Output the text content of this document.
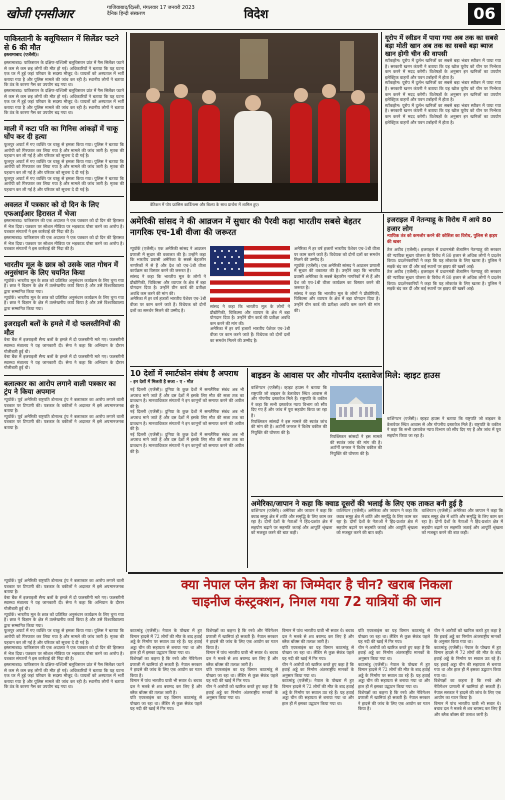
खोजी एनसीआर	गाजियाबाद/दिल्ली, मंगलवार 17 जनवरी 2023
दैनिक हिन्दी संस्करण	विदेश	06
पाकिस्तानी के बलूचिस्तान में सिलेंडर फटने से 6 की मौत

इस्लामाबाद (एजेंसी)।

इस्लामाबाद। पाकिस्तान के दक्षिण-पश्चिमी बलूचिस्तान प्रांत में गैस सिलेंडर फटने से कम से कम छह लोगों की मौत हो गई। अधिकारियों ने बताया कि यह घटना एक घर में हुई जहां परिवार के सदस्य मौजूद थे। घायलों को अस्पताल में भर्ती कराया गया है और पुलिस मामले की जांच कर रही है। स्थानीय लोगों ने बताया कि ठंड के कारण गैस का उपयोग बढ़ गया था।

इस्लामाबाद। पाकिस्तान के दक्षिण-पश्चिमी बलूचिस्तान प्रांत में गैस सिलेंडर फटने से कम से कम छह लोगों की मौत हो गई। अधिकारियों ने बताया कि यह घटना एक घर में हुई जहां परिवार के सदस्य मौजूद थे। घायलों को अस्पताल में भर्ती कराया गया है और पुलिस मामले की जांच कर रही है। स्थानीय लोगों ने बताया कि ठंड के कारण गैस का उपयोग बढ़ गया था।

माली में कटा पति का गिनिस आंकड़ों में चाकू घोंप कर दी हत्या

फूलपुर अपार्ट में गए व्यक्ति पर चाकू से हमला किया गया। पुलिस ने बताया कि आरोपी को गिरफ्तार कर लिया गया है और मामले की जांच जारी है। मृतक की पहचान कर ली गई है और परिवार को सूचना दे दी गई है।

फूलपुर अपार्ट में गए व्यक्ति पर चाकू से हमला किया गया। पुलिस ने बताया कि आरोपी को गिरफ्तार कर लिया गया है और मामले की जांच जारी है। मृतक की पहचान कर ली गई है और परिवार को सूचना दे दी गई है।

फूलपुर अपार्ट में गए व्यक्ति पर चाकू से हमला किया गया। पुलिस ने बताया कि आरोपी को गिरफ्तार कर लिया गया है और मामले की जांच जारी है। मृतक की पहचान कर ली गई है और परिवार को सूचना दे दी गई है।

अवलत में पत्रकार को दो दिन के लिए एफआईआर हिरासत में भेजा

इस्लामाबाद। पाकिस्तान की एक अदालत ने एक पत्रकार को दो दिन की हिरासत में भेज दिया। पत्रकार पर सोशल मीडिया पर भड़काऊ पोस्ट करने का आरोप है। पत्रकार संगठनों ने इस कार्रवाई की निंदा की है।

इस्लामाबाद। पाकिस्तान की एक अदालत ने एक पत्रकार को दो दिन की हिरासत में भेज दिया। पत्रकार पर सोशल मीडिया पर भड़काऊ पोस्ट करने का आरोप है। पत्रकार संगठनों ने इस कार्रवाई की निंदा की है।

भारतीय मूल के छात्र को उसके जात गोधन में अनुसंधान के लिए चयनित किया

न्यूयॉर्क। भारतीय मूल के छात्र को प्रतिष्ठित अनुसंधान कार्यक्रम के लिए चुना गया है। छात्र ने विज्ञान के क्षेत्र में उल्लेखनीय कार्य किया है और उसे विश्वविद्यालय द्वारा सम्मानित किया गया।

न्यूयॉर्क। भारतीय मूल के छात्र को प्रतिष्ठित अनुसंधान कार्यक्रम के लिए चुना गया है। छात्र ने विज्ञान के क्षेत्र में उल्लेखनीय कार्य किया है और उसे विश्वविद्यालय द्वारा सम्मानित किया गया।

इजराइली बलों के हमले में दो फलस्तीनियों की मौत

वेस्ट बैंक में इजराइली सैन्य बलों के हमले में दो फलस्तीनी मारे गए। फलस्तीनी स्वास्थ्य मंत्रालय ने यह जानकारी दी। सेना ने कहा कि अभियान के दौरान गोलीबारी हुई थी।

वेस्ट बैंक में इजराइली सैन्य बलों के हमले में दो फलस्तीनी मारे गए। फलस्तीनी स्वास्थ्य मंत्रालय ने यह जानकारी दी। सेना ने कहा कि अभियान के दौरान गोलीबारी हुई थी।

बलात्कार का आरोप लगाने वाली पत्रकार का ट्रंप ने किया अपमान

न्यूयॉर्क। पूर्व अमेरिकी राष्ट्रपति डोनाल्ड ट्रंप ने बलात्कार का आरोप लगाने वाली पत्रकार पर टिप्पणी की। पत्रकार के वकीलों ने अदालत में इसे अपमानजनक बताया है।

न्यूयॉर्क। पूर्व अमेरिकी राष्ट्रपति डोनाल्ड ट्रंप ने बलात्कार का आरोप लगाने वाली पत्रकार पर टिप्पणी की। पत्रकार के वकीलों ने अदालत में इसे अपमानजनक बताया है।

वेटिकन में पोप फ्रांसिस कार्डिनल्स और बिशप के साथ प्रार्थना में शामिल हुए।
यूरोप में स्वीडन में पाया गया अब तक का सबसे बड़ा मोती खान अब तक का सबसे बड़ा ब्याज खान होगी चीन की वापसी

स्टॉकहोम। यूरोप में दुर्लभ खनिजों का सबसे बड़ा भंडार स्वीडन में पाया गया है। सरकारी खनन कंपनी ने बताया कि यह खोज यूरोप को चीन पर निर्भरता कम करने में मदद करेगी। विशेषज्ञों के अनुसार इन खनिजों का उपयोग इलेक्ट्रिक वाहनों और पवन टर्बाइनों में होता है।

स्टॉकहोम। यूरोप में दुर्लभ खनिजों का सबसे बड़ा भंडार स्वीडन में पाया गया है। सरकारी खनन कंपनी ने बताया कि यह खोज यूरोप को चीन पर निर्भरता कम करने में मदद करेगी। विशेषज्ञों के अनुसार इन खनिजों का उपयोग इलेक्ट्रिक वाहनों और पवन टर्बाइनों में होता है।

स्टॉकहोम। यूरोप में दुर्लभ खनिजों का सबसे बड़ा भंडार स्वीडन में पाया गया है। सरकारी खनन कंपनी ने बताया कि यह खोज यूरोप को चीन पर निर्भरता कम करने में मदद करेगी। विशेषज्ञों के अनुसार इन खनिजों का उपयोग इलेक्ट्रिक वाहनों और पवन टर्बाइनों में होता है।

अमेरिकी सांसद ने की आव्रजन में सुधार की पैरवी कहा भारतीय सबसे बेहतर नागरिक एच-1बी वीजा की जरूरत

न्यूयॉर्क (एजेंसी)। एक अमेरिकी सांसद ने आव्रजन प्रणाली में सुधार की वकालत की है। उन्होंने कहा कि भारतीय प्रवासी अमेरिका के सबसे बेहतरीन नागरिकों में से हैं और देश को एच-1बी वीजा कार्यक्रम का विस्तार करने की जरूरत है।

सांसद ने कहा कि भारतीय मूल के लोगों ने प्रौद्योगिकी, चिकित्सा और व्यापार के क्षेत्र में बड़ा योगदान दिया है। उन्होंने ग्रीन कार्ड की प्रतीक्षा अवधि कम करने की मांग की।

अमेरिका में हर वर्ष हजारों भारतीय पेशेवर एच-1बी वीजा पर काम करने जाते हैं। विधेयक को दोनों दलों का समर्थन मिलने की उम्मीद है।

सांसद ने कहा कि भारतीय मूल के लोगों ने प्रौद्योगिकी, चिकित्सा और व्यापार के क्षेत्र में बड़ा योगदान दिया है। उन्होंने ग्रीन कार्ड की प्रतीक्षा अवधि कम करने की मांग की।

अमेरिका में हर वर्ष हजारों भारतीय पेशेवर एच-1बी वीजा पर काम करने जाते हैं। विधेयक को दोनों दलों का समर्थन मिलने की उम्मीद है।

अमेरिका में हर वर्ष हजारों भारतीय पेशेवर एच-1बी वीजा पर काम करने जाते हैं। विधेयक को दोनों दलों का समर्थन मिलने की उम्मीद है।

न्यूयॉर्क (एजेंसी)। एक अमेरिकी सांसद ने आव्रजन प्रणाली में सुधार की वकालत की है। उन्होंने कहा कि भारतीय प्रवासी अमेरिका के सबसे बेहतरीन नागरिकों में से हैं और देश को एच-1बी वीजा कार्यक्रम का विस्तार करने की जरूरत है।

सांसद ने कहा कि भारतीय मूल के लोगों ने प्रौद्योगिकी, चिकित्सा और व्यापार के क्षेत्र में बड़ा योगदान दिया है। उन्होंने ग्रीन कार्ड की प्रतीक्षा अवधि कम करने की मांग की।

इजराइल में नेतन्याहू के विरोध में आये 80 हजार लोग

न्यायिक तंत्र को कमजोर करने की कोशिश का विरोध, पुलिस से झड़प की खबर

तेल अवीव (एजेंसी)। इजराइल में प्रधानमंत्री बेंजामिन नेतन्याहू की सरकार की न्यायिक सुधार योजना के विरोध में 80 हजार से अधिक लोगों ने प्रदर्शन किया। प्रदर्शनकारियों ने कहा कि यह लोकतंत्र के लिए खतरा है। पुलिस ने सड़कें बंद कर दीं और कई स्थानों पर झड़प की खबरें आईं।

तेल अवीव (एजेंसी)। इजराइल में प्रधानमंत्री बेंजामिन नेतन्याहू की सरकार की न्यायिक सुधार योजना के विरोध में 80 हजार से अधिक लोगों ने प्रदर्शन किया। प्रदर्शनकारियों ने कहा कि यह लोकतंत्र के लिए खतरा है। पुलिस ने सड़कें बंद कर दीं और कई स्थानों पर झड़प की खबरें आईं।

10 देशों में स्मार्टफोन संबंध है अपराध

- इन देशों में मिलती है सजा - ए - मौत

नई दिल्ली (एजेंसी)। दुनिया के कुछ देशों में समलैंगिक संबंध अब भी अपराध माने जाते हैं और दस देशों में इसके लिए मौत की सजा तक का प्रावधान है। मानवाधिकार संगठनों ने इन कानूनों को समाप्त करने की अपील की है।

नई दिल्ली (एजेंसी)। दुनिया के कुछ देशों में समलैंगिक संबंध अब भी अपराध माने जाते हैं और दस देशों में इसके लिए मौत की सजा तक का प्रावधान है। मानवाधिकार संगठनों ने इन कानूनों को समाप्त करने की अपील की है।

नई दिल्ली (एजेंसी)। दुनिया के कुछ देशों में समलैंगिक संबंध अब भी अपराध माने जाते हैं और दस देशों में इसके लिए मौत की सजा तक का प्रावधान है। मानवाधिकार संगठनों ने इन कानूनों को समाप्त करने की अपील की है।

बाइडन के आवास पर और गोपनीय दस्तावेज मिले: व्हाइट हाउस

वाशिंगटन (एजेंसी)। व्हाइट हाउस ने बताया कि राष्ट्रपति जो बाइडन के डेलावेयर स्थित आवास से और गोपनीय दस्तावेज मिले हैं। राष्ट्रपति के वकील ने कहा कि सभी दस्तावेज न्याय विभाग को सौंप दिए गए हैं और जांच में पूरा सहयोग किया जा रहा है।

रिपब्लिकन सांसदों ने इस मामले की स्वतंत्र जांच की मांग की है। अटॉर्नी जनरल ने विशेष वकील की नियुक्ति की घोषणा की है।

रिपब्लिकन सांसदों ने इस मामले की स्वतंत्र जांच की मांग की है। अटॉर्नी जनरल ने विशेष वकील की नियुक्ति की घोषणा की है।

वाशिंगटन (एजेंसी)। व्हाइट हाउस ने बताया कि राष्ट्रपति जो बाइडन के डेलावेयर स्थित आवास से और गोपनीय दस्तावेज मिले हैं। राष्ट्रपति के वकील ने कहा कि सभी दस्तावेज न्याय विभाग को सौंप दिए गए हैं और जांच में पूरा सहयोग किया जा रहा है।

अमेरिका/जापान ने कहा कि क्वाड दूसरों की भलाई के लिए एक ताकत बनी हुई है

वाशिंगटन (एजेंसी)। अमेरिका और जापान ने कहा कि क्वाड समूह क्षेत्र में शांति और समृद्धि के लिए काम कर रहा है। दोनों देशों के नेताओं ने हिंद-प्रशांत क्षेत्र में सहयोग बढ़ाने पर सहमति जताई और आपूर्ति श्रृंखला को मजबूत करने की बात कही।

वाशिंगटन (एजेंसी)। अमेरिका और जापान ने कहा कि क्वाड समूह क्षेत्र में शांति और समृद्धि के लिए काम कर रहा है। दोनों देशों के नेताओं ने हिंद-प्रशांत क्षेत्र में सहयोग बढ़ाने पर सहमति जताई और आपूर्ति श्रृंखला को मजबूत करने की बात कही।

वाशिंगटन (एजेंसी)। अमेरिका और जापान ने कहा कि क्वाड समूह क्षेत्र में शांति और समृद्धि के लिए काम कर रहा है। दोनों देशों के नेताओं ने हिंद-प्रशांत क्षेत्र में सहयोग बढ़ाने पर सहमति जताई और आपूर्ति श्रृंखला को मजबूत करने की बात कही।

क्या नेपाल प्लेन क्रैश का जिम्मेदार है चीन? खराब निकला
चाइनीज कंस्ट्रक्शन, निगल गया 72 यात्रियों की जान

न्यूयॉर्क। पूर्व अमेरिकी राष्ट्रपति डोनाल्ड ट्रंप ने बलात्कार का आरोप लगाने वाली पत्रकार पर टिप्पणी की। पत्रकार के वकीलों ने अदालत में इसे अपमानजनक बताया है।

वेस्ट बैंक में इजराइली सैन्य बलों के हमले में दो फलस्तीनी मारे गए। फलस्तीनी स्वास्थ्य मंत्रालय ने यह जानकारी दी। सेना ने कहा कि अभियान के दौरान गोलीबारी हुई थी।

न्यूयॉर्क। भारतीय मूल के छात्र को प्रतिष्ठित अनुसंधान कार्यक्रम के लिए चुना गया है। छात्र ने विज्ञान के क्षेत्र में उल्लेखनीय कार्य किया है और उसे विश्वविद्यालय द्वारा सम्मानित किया गया।

फूलपुर अपार्ट में गए व्यक्ति पर चाकू से हमला किया गया। पुलिस ने बताया कि आरोपी को गिरफ्तार कर लिया गया है और मामले की जांच जारी है। मृतक की पहचान कर ली गई है और परिवार को सूचना दे दी गई है।

इस्लामाबाद। पाकिस्तान की एक अदालत ने एक पत्रकार को दो दिन की हिरासत में भेज दिया। पत्रकार पर सोशल मीडिया पर भड़काऊ पोस्ट करने का आरोप है। पत्रकार संगठनों ने इस कार्रवाई की निंदा की है।

इस्लामाबाद। पाकिस्तान के दक्षिण-पश्चिमी बलूचिस्तान प्रांत में गैस सिलेंडर फटने से कम से कम छह लोगों की मौत हो गई। अधिकारियों ने बताया कि यह घटना एक घर में हुई जहां परिवार के सदस्य मौजूद थे। घायलों को अस्पताल में भर्ती कराया गया है और पुलिस मामले की जांच कर रही है। स्थानीय लोगों ने बताया कि ठंड के कारण गैस का उपयोग बढ़ गया था।

काठमांडू (एजेंसी)। नेपाल के पोखरा में हुए विमान हादसे में 72 लोगों की मौत के बाद हवाई अड्डे के निर्माण पर सवाल उठ रहे हैं। यह हवाई अड्डा चीन की सहायता से बनाया गया था और हाल ही में इसका उद्घाटन किया गया था।

विशेषज्ञों का कहना है कि रनवे और नेविगेशन प्रणाली में खामियां हो सकती हैं। नेपाल सरकार ने हादसे की जांच के लिए एक आयोग का गठन किया है।

विमान में पांच भारतीय यात्री भी सवार थे। बचाव दल ने मलबे से शव बरामद कर लिए हैं और ब्लैक बॉक्स की तलाश जारी है।

यति एयरलाइंस का यह विमान काठमांडू से पोखरा जा रहा था। लैंडिंग से कुछ सेकंड पहले यह नदी की खाई में गिर गया।

विशेषज्ञों का कहना है कि रनवे और नेविगेशन प्रणाली में खामियां हो सकती हैं। नेपाल सरकार ने हादसे की जांच के लिए एक आयोग का गठन किया है।

विमान में पांच भारतीय यात्री भी सवार थे। बचाव दल ने मलबे से शव बरामद कर लिए हैं और ब्लैक बॉक्स की तलाश जारी है।

यति एयरलाइंस का यह विमान काठमांडू से पोखरा जा रहा था। लैंडिंग से कुछ सेकंड पहले यह नदी की खाई में गिर गया।

चीन ने आरोपों को खारिज करते हुए कहा है कि हवाई अड्डे का निर्माण अंतरराष्ट्रीय मानकों के अनुसार किया गया था।

विमान में पांच भारतीय यात्री भी सवार थे। बचाव दल ने मलबे से शव बरामद कर लिए हैं और ब्लैक बॉक्स की तलाश जारी है।

यति एयरलाइंस का यह विमान काठमांडू से पोखरा जा रहा था। लैंडिंग से कुछ सेकंड पहले यह नदी की खाई में गिर गया।

चीन ने आरोपों को खारिज करते हुए कहा है कि हवाई अड्डे का निर्माण अंतरराष्ट्रीय मानकों के अनुसार किया गया था।

काठमांडू (एजेंसी)। नेपाल के पोखरा में हुए विमान हादसे में 72 लोगों की मौत के बाद हवाई अड्डे के निर्माण पर सवाल उठ रहे हैं। यह हवाई अड्डा चीन की सहायता से बनाया गया था और हाल ही में इसका उद्घाटन किया गया था।

यति एयरलाइंस का यह विमान काठमांडू से पोखरा जा रहा था। लैंडिंग से कुछ सेकंड पहले यह नदी की खाई में गिर गया।

चीन ने आरोपों को खारिज करते हुए कहा है कि हवाई अड्डे का निर्माण अंतरराष्ट्रीय मानकों के अनुसार किया गया था।

काठमांडू (एजेंसी)। नेपाल के पोखरा में हुए विमान हादसे में 72 लोगों की मौत के बाद हवाई अड्डे के निर्माण पर सवाल उठ रहे हैं। यह हवाई अड्डा चीन की सहायता से बनाया गया था और हाल ही में इसका उद्घाटन किया गया था।

विशेषज्ञों का कहना है कि रनवे और नेविगेशन प्रणाली में खामियां हो सकती हैं। नेपाल सरकार ने हादसे की जांच के लिए एक आयोग का गठन किया है।

चीन ने आरोपों को खारिज करते हुए कहा है कि हवाई अड्डे का निर्माण अंतरराष्ट्रीय मानकों के अनुसार किया गया था।

काठमांडू (एजेंसी)। नेपाल के पोखरा में हुए विमान हादसे में 72 लोगों की मौत के बाद हवाई अड्डे के निर्माण पर सवाल उठ रहे हैं। यह हवाई अड्डा चीन की सहायता से बनाया गया था और हाल ही में इसका उद्घाटन किया गया था।

विशेषज्ञों का कहना है कि रनवे और नेविगेशन प्रणाली में खामियां हो सकती हैं। नेपाल सरकार ने हादसे की जांच के लिए एक आयोग का गठन किया है।

विमान में पांच भारतीय यात्री भी सवार थे। बचाव दल ने मलबे से शव बरामद कर लिए हैं और ब्लैक बॉक्स की तलाश जारी है।
